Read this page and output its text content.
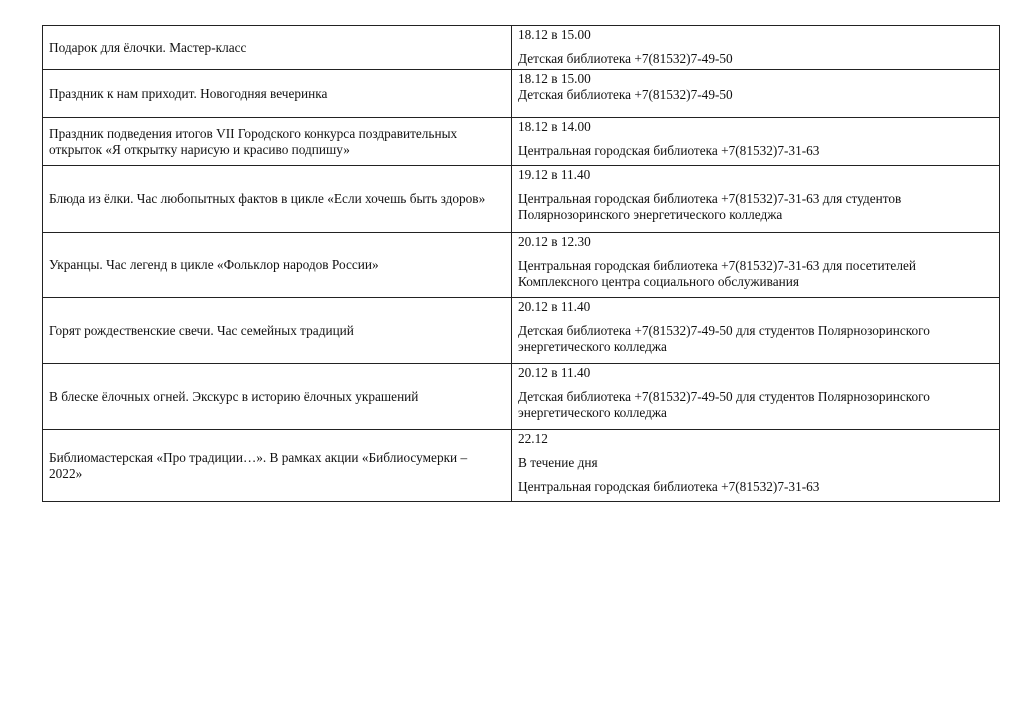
Подарок для ёлочки. Мастер-класс	18.12 в 15.00
Детская библиотека +7(81532)7-49-50

Праздник к нам приходит. Новогодняя вечеринка	18.12 в 15.00
Детская библиотека +7(81532)7-49-50

Праздник подведения итогов VII Городского конкурса поздравительных открыток «Я открытку нарисую и красиво подпишу»	18.12 в 14.00
Центральная городская библиотека +7(81532)7-31-63

Блюда из ёлки. Час любопытных фактов в цикле «Если хочешь быть здоров»	19.12 в 11.40
Центральная городская библиотека +7(81532)7-31-63 для студентов Полярнозоринского энергетического колледжа

Укранцы. Час легенд в цикле «Фольклор народов России»	20.12 в 12.30
Центральная городская библиотека +7(81532)7-31-63 для посетителей Комплексного центра социального обслуживания

Горят рождественские свечи. Час семейных традиций	20.12 в 11.40
Детская библиотека +7(81532)7-49-50 для студентов Полярнозоринского энергетического колледжа

В блеске ёлочных огней. Экскурс в историю ёлочных украшений	20.12 в 11.40
Детская библиотека +7(81532)7-49-50 для студентов Полярнозоринского энергетического колледжа

Библиомастерская «Про традиции…». В рамках акции «Библиосумерки – 2022»	22.12
В течение дня
Центральная городская библиотека +7(81532)7-31-63
